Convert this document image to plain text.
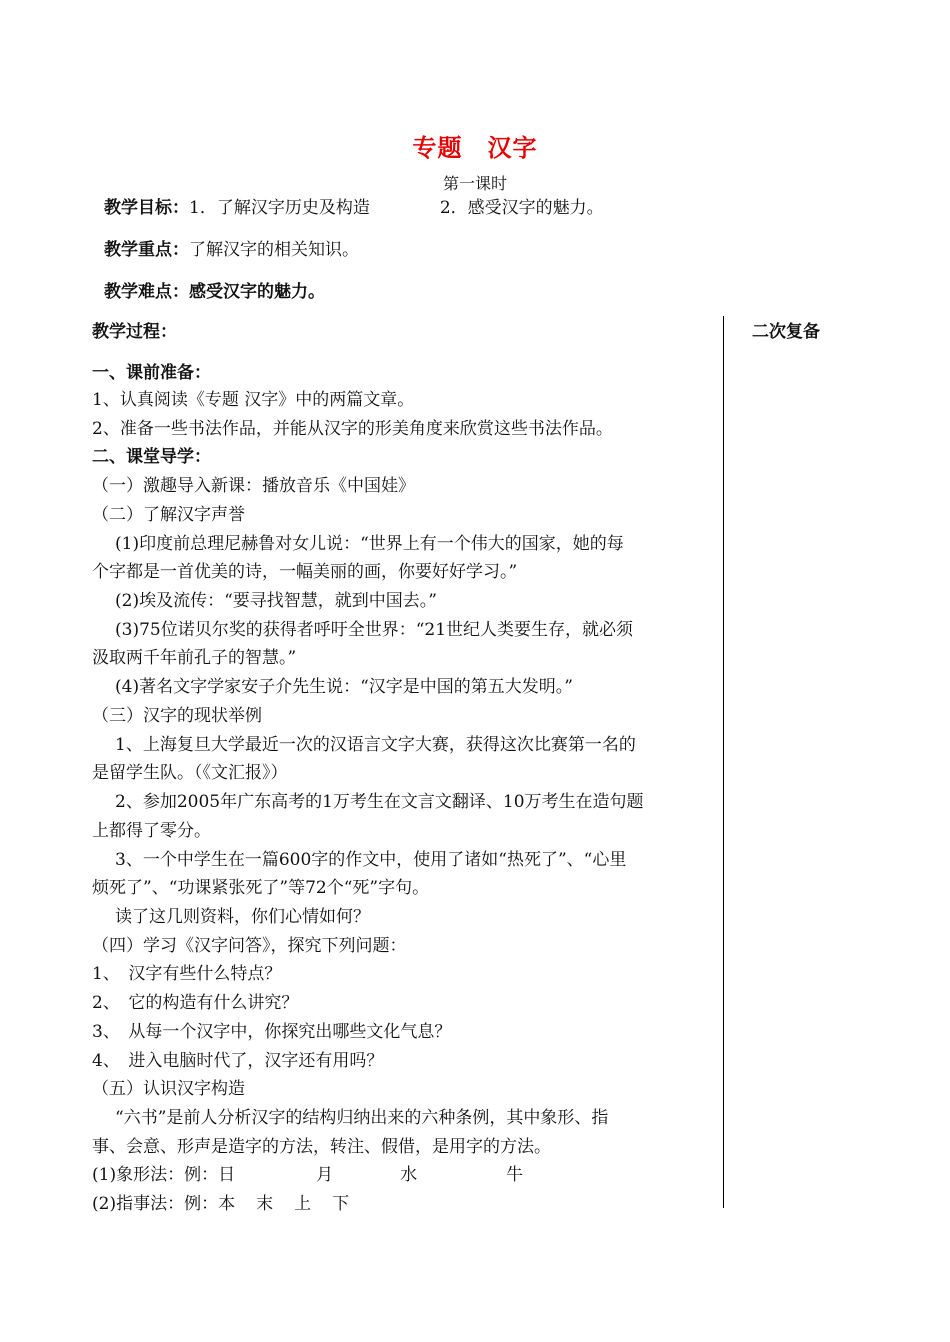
专题　汉字
第一课时
教学目标：1．了解汉字历史及构造	2．感受汉字的魅力。
教学重点：了解汉字的相关知识。
教学难点：感受汉字的魅力。
教学过程：	二次复备
一、课前准备：
1、认真阅读《专题 汉字》中的两篇文章。
2、准备一些书法作品，并能从汉字的形美角度来欣赏这些书法作品。
二、课堂导学：
（一）激趣导入新课：播放音乐《中国娃》
（二）了解汉字声誉
(1)印度前总理尼赫鲁对女儿说：“世界上有一个伟大的国家，她的每
个字都是一首优美的诗，一幅美丽的画，你要好好学习。”
(2)埃及流传：“要寻找智慧，就到中国去。”
(3)75位诺贝尔奖的获得者呼吁全世界：“21世纪人类要生存，就必须
汲取两千年前孔子的智慧。”
(4)著名文字学家安子介先生说：“汉字是中国的第五大发明。”
（三）汉字的现状举例
1、上海复旦大学最近一次的汉语言文字大赛，获得这次比赛第一名的
是留学生队。（《文汇报》）
2、参加2005年广东高考的1万考生在文言文翻译、10万考生在造句题
上都得了零分。
3、一个中学生在一篇600字的作文中，使用了诸如“热死了”、“心里
烦死了”、“功课紧张死了”等72个“死”字句。
读了这几则资料，你们心情如何？
（四）学习《汉字问答》，探究下列问题：
1、　汉字有些什么特点？
2、　它的构造有什么讲究？
3、　从每一个汉字中，你探究出哪些文化气息？
4、　进入电脑时代了，汉字还有用吗？
（五）认识汉字构造
“六书”是前人分析汉字的结构归纳出来的六种条例，其中象形、指
事、会意、形声是造字的方法，转注、假借，是用字的方法。
(1)象形法：例：日	月	水	牛
(2)指事法：例：本 末 上 下
